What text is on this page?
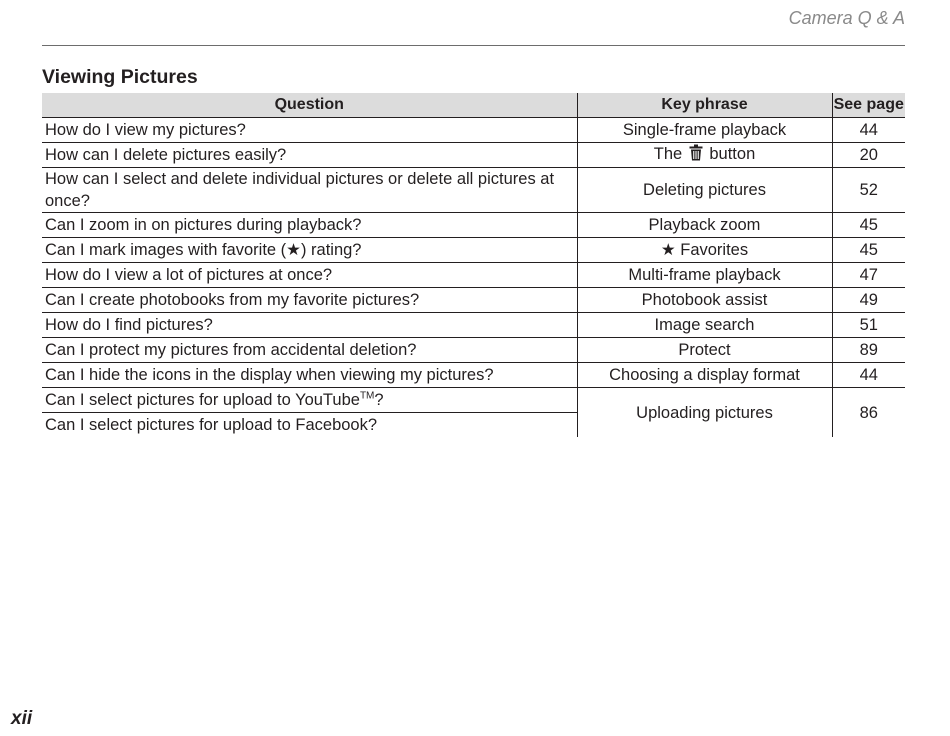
Camera Q & A
Viewing Pictures
Question	Key phrase	See page
How do I view my pictures?	Single-frame playback	44
How can I delete pictures easily?	The button	20
How can I select and delete individual pictures or delete all pictures at once?	Deleting pictures	52
Can I zoom in on pictures during playback?	Playback zoom	45
Can I mark images with favorite (★) rating?	★ Favorites	45
How do I view a lot of pictures at once?	Multi-frame playback	47
Can I create photobooks from my favorite pictures?	Photobook assist	49
How do I find pictures?	Image search	51
Can I protect my pictures from accidental deletion?	Protect	89
Can I hide the icons in the display when viewing my pictures?	Choosing a display format	44
Can I select pictures for upload to YouTube™?	Uploading pictures	86
Can I select pictures for upload to Facebook?		
xii
